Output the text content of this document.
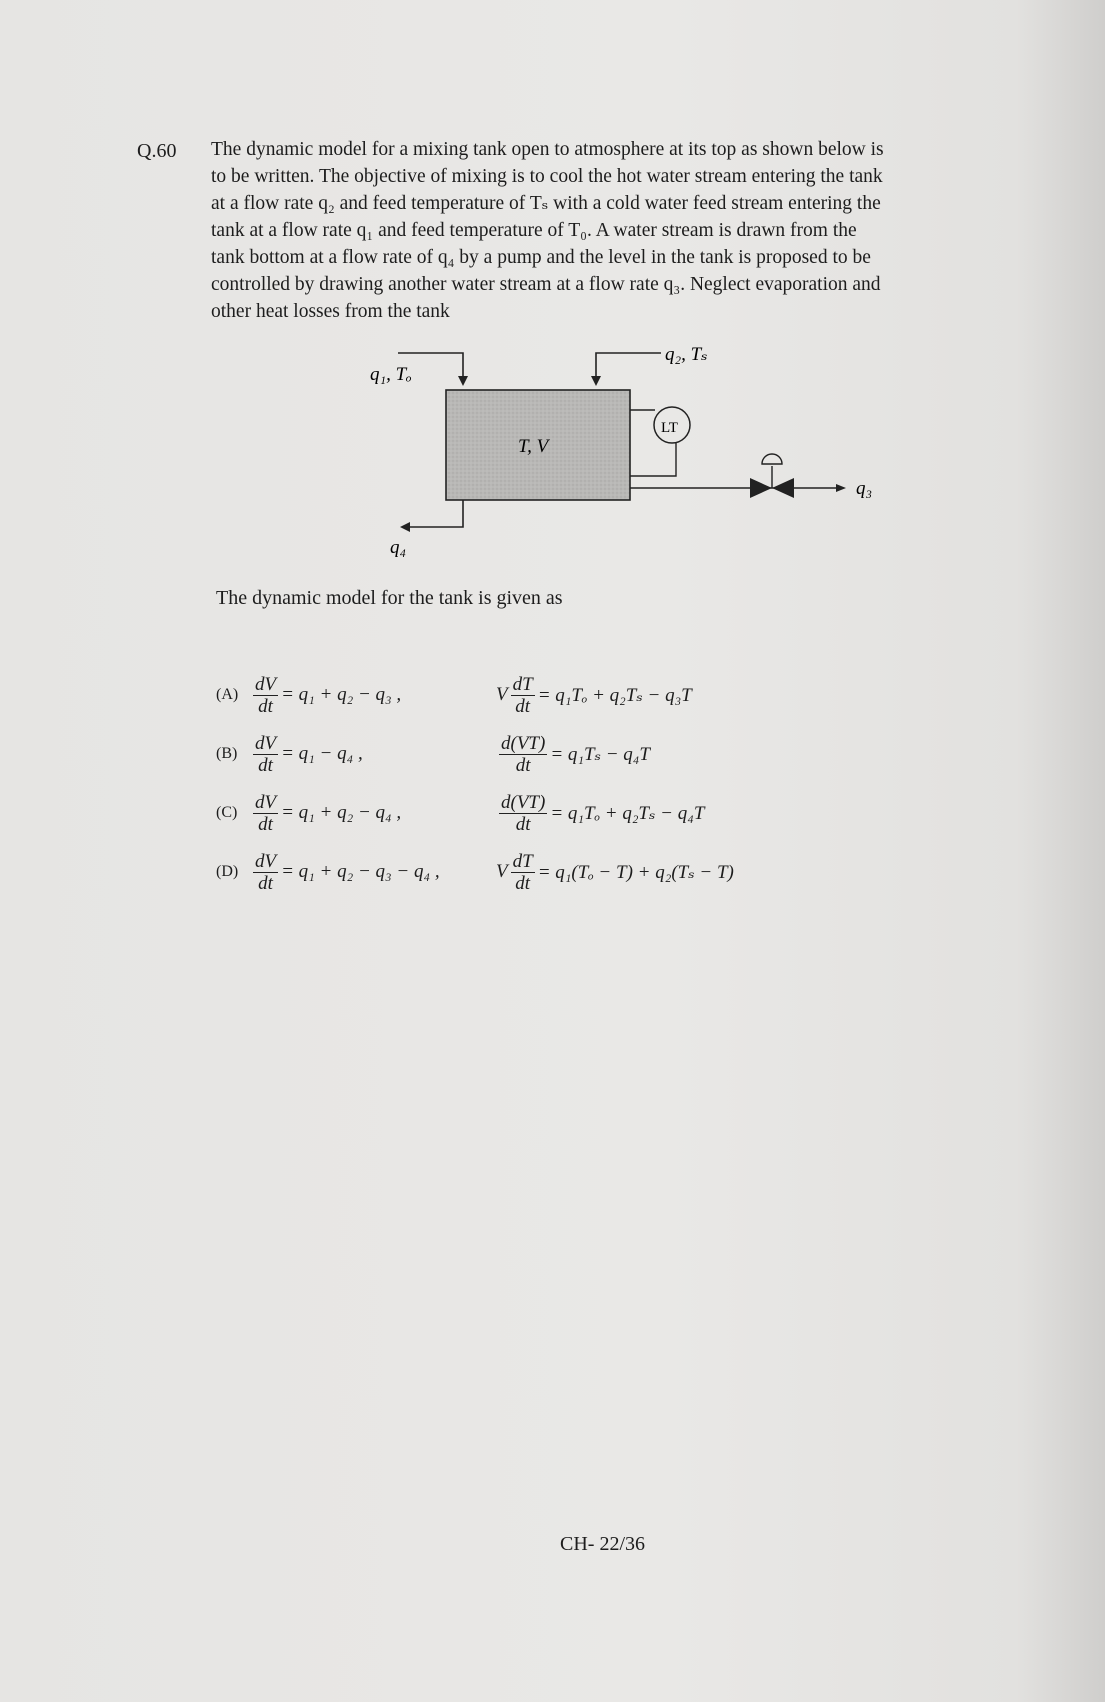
Q.60 The dynamic model for a mixing tank open to atmosphere at its top as shown below is
to be written. The objective of mixing is to cool the hot water stream entering the tank
at a flow rate q₂ and feed temperature of Tₛ with a cold water feed stream entering the
tank at a flow rate q₁ and feed temperature of T₀. A water stream is drawn from the
tank bottom at a flow rate of q₄ by a pump and the level in the tank is proposed to be
controlled by drawing another water stream at a flow rate q₃. Neglect evaporation and
other heat losses from the tank
T, V
q₁, Tₒ
q₂, Tₛ
LT
q₃
q₄
The dynamic model for the tank is given as
$(A) \frac{dV}{dt} = q_1 + q_2 - q_3$ ,	V $\frac{dT}{dt} = q_1T_o + q_2T_s - q_3T$
$(B) \frac{dV}{dt} = q_1 - q_4$ ,	$\frac{d(VT)}{dt} = q_1T_s - q_4T$
$(C) \frac{dV}{dt} = q_1 + q_2 - q_4$ ,	$\frac{d(VT)}{dt} = q_1T_o + q_2T_s - q_4T$
$(D) \frac{dV}{dt} = q_1 + q_2 - q_3 - q_4$ ,	V $\frac{dT}{dt} = q_1(T_o - T) + q_2(T_s - T)$
CH- 22/36
